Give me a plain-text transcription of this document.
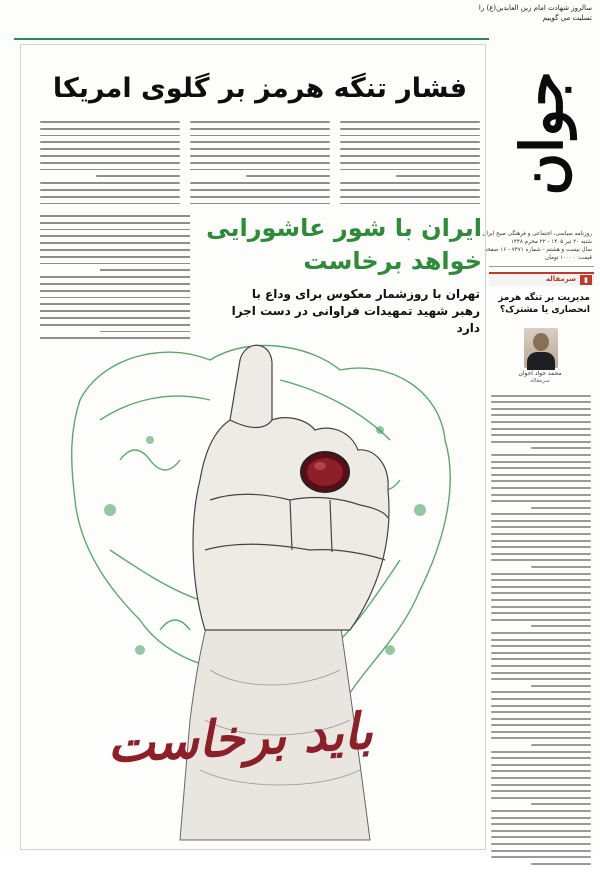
سالروز شهادت امام زین العابدین(ع) را
تسلیت می گوییم
جوان
روزنامه سیاسی، اجتماعی و فرهنگی صبح ایران
شنبه ۲۰ تیر ۱۴۰۵ - ۲۲ محرم ۱۴۴۸
سال بیست و هشتم - شماره ۷۴۷۱ - ۱۶ صفحه
قیمت: ۱۰۰۰۰ تومان
▮
سرمقاله
مدیریت بر تنگه هرمز انحصاری یا مشترک؟
محمد جواد اخوان
سرمقاله
فشار تنگه هرمز بر گلوی امریکا
ایران با شور عاشورایی خواهد برخاست
تهران با روزشمار معکوس برای وداع با رهبر شهید تمهیدات فراوانی در دست اجرا دارد
باید برخاست
